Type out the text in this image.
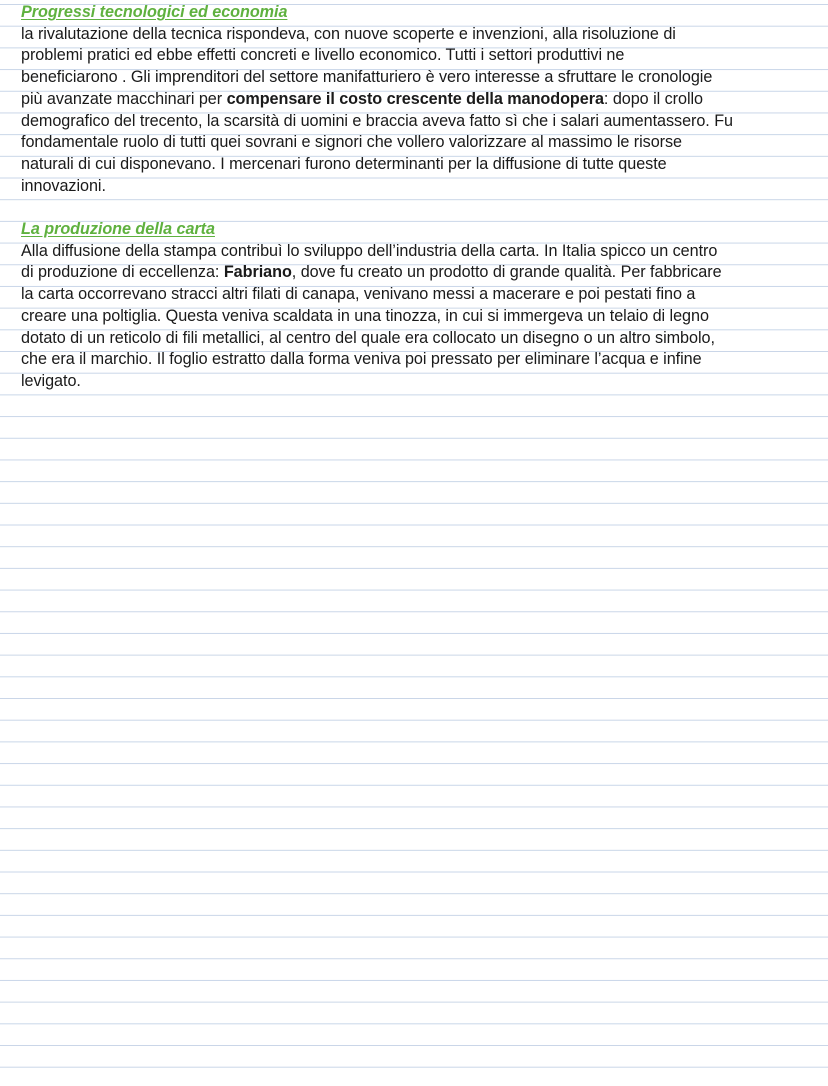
Progressi tecnologici ed economia

la rivalutazione della tecnica rispondeva, con nuove scoperte e invenzioni, alla risoluzione di
problemi pratici ed ebbe effetti concreti e livello economico. Tutti i settori produttivi ne
beneficiarono . Gli imprenditori del settore manifatturiero è vero interesse a sfruttare le cronologie
più avanzate macchinari per compensare il costo crescente della manodopera: dopo il crollo
demografico del trecento, la scarsità di uomini e braccia aveva fatto sì che i salari aumentassero. Fu
fondamentale ruolo di tutti quei sovrani e signori che vollero valorizzare al massimo le risorse
naturali di cui disponevano. I mercenari furono determinanti per la diffusione di tutte queste
innovazioni.

La produzione della carta

Alla diffusione della stampa contribuì lo sviluppo dell’industria della carta. In Italia spicco un centro
di produzione di eccellenza: Fabriano, dove fu creato un prodotto di grande qualità. Per fabbricare
la carta occorrevano stracci altri filati di canapa, venivano messi a macerare e poi pestati fino a
creare una poltiglia. Questa veniva scaldata in una tinozza, in cui si immergeva un telaio di legno
dotato di un reticolo di fili metallici, al centro del quale era collocato un disegno o un altro simbolo,
che era il marchio. Il foglio estratto dalla forma veniva poi pressato per eliminare l’acqua e infine
levigato.
